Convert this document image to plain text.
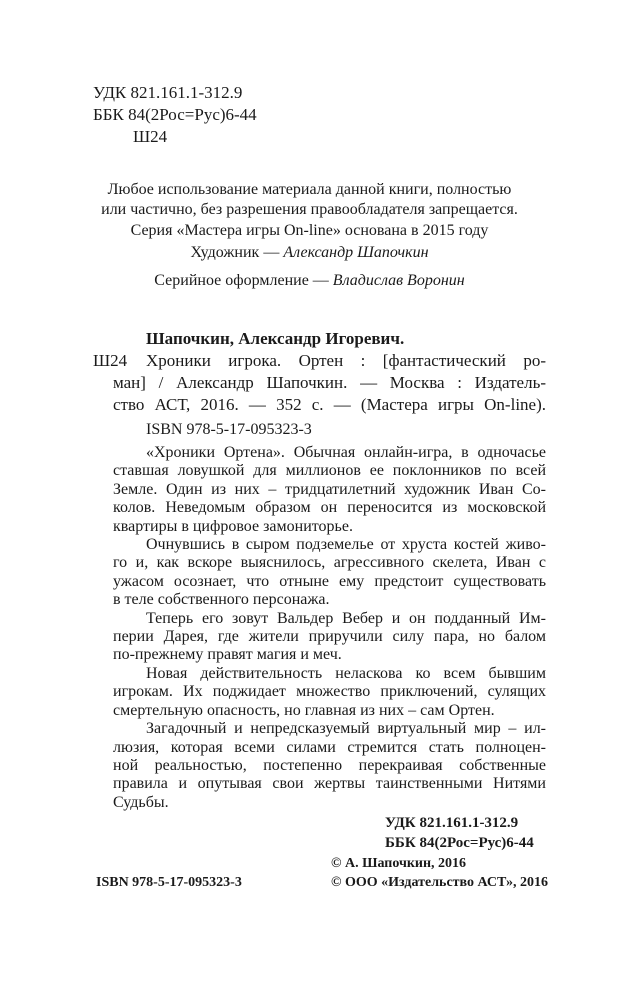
УДК 821.161.1-312.9
ББК 84(2Рос=Рус)6-44
Ш24
Любое использование материала данной книги, полностью
или частично, без разрешения правообладателя запрещается.
Серия «Мастера игры On-line» основана в 2015 году
Художник — Александр Шапочкин
Серийное оформление — Владислав Воронин
Шапочкин, Александр Игоревич.
Ш24 Хроники игрока. Ортен : [фантастический ро-
ман] / Александр Шапочкин. — Москва : Издатель-
ство АСТ, 2016. — 352 с. — (Мастера игры On-line).
ISBN 978-5-17-095323-3

«Хроники Ортена». Обычная онлайн-игра, в одночасье
ставшая ловушкой для миллионов ее поклонников по всей
Земле. Один из них – тридцатилетний художник Иван Со-
колов. Неведомым образом он переносится из московской
квартиры в цифровое замониторье.

Очнувшись в сыром подземелье от хруста костей живо-
го и, как вскоре выяснилось, агрессивного скелета, Иван с
ужасом осознает, что отныне ему предстоит существовать
в теле собственного персонажа.

Теперь его зовут Вальдер Вебер и он подданный Им-
перии Дарея, где жители приручили силу пара, но балом
по-прежнему правят магия и меч.

Новая действительность неласкова ко всем бывшим
игрокам. Их поджидает множество приключений, сулящих
смертельную опасность, но главная из них – сам Ортен.

Загадочный и непредсказуемый виртуальный мир – ил-
люзия, которая всеми силами стремится стать полноцен-
ной реальностью, постепенно перекраивая собственные
правила и опутывая свои жертвы таинственными Нитями
Судьбы.

УДК 821.161.1-312.9
ББК 84(2Рос=Рус)6-44
© А. Шапочкин, 2016
ISBN 978-5-17-095323-3	© ООО «Издательство АСТ», 2016
